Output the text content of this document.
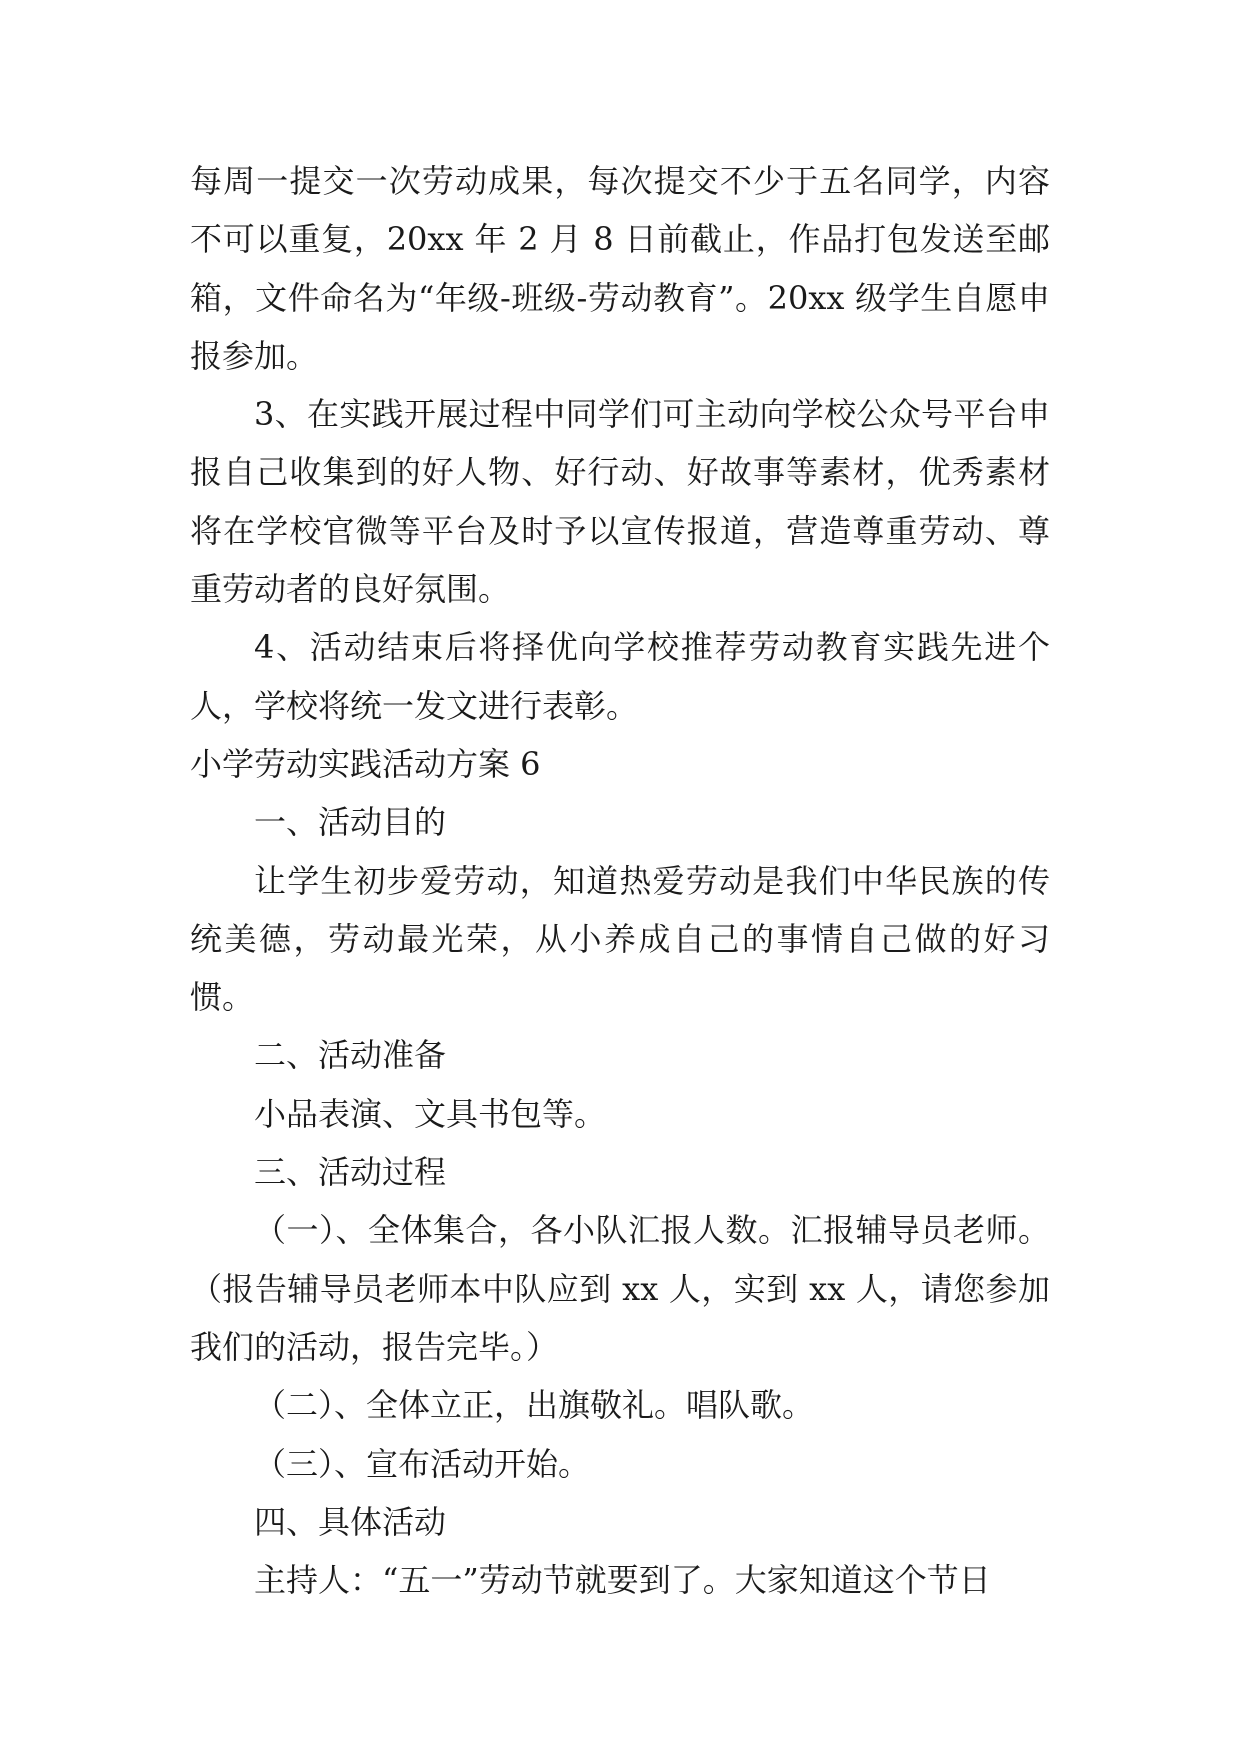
每周一提交一次劳动成果，每次提交不少于五名同学，内容不可以重复，20xx 年 2 月 8 日前截止，作品打包发送至邮箱，文件命名为“年级-班级-劳动教育”。20xx 级学生自愿申报参加。

3、在实践开展过程中同学们可主动向学校公众号平台申报自己收集到的好人物、好行动、好故事等素材，优秀素材将在学校官微等平台及时予以宣传报道，营造尊重劳动、尊重劳动者的良好氛围。

4、活动结束后将择优向学校推荐劳动教育实践先进个人，学校将统一发文进行表彰。

小学劳动实践活动方案 6

一、活动目的

让学生初步爱劳动，知道热爱劳动是我们中华民族的传统美德，劳动最光荣，从小养成自己的事情自己做的好习惯。

二、活动准备

小品表演、文具书包等。

三、活动过程

（一）、全体集合，各小队汇报人数。汇报辅导员老师。（报告辅导员老师本中队应到 xx 人，实到 xx 人，请您参加我们的活动，报告完毕。）

（二）、全体立正，出旗敬礼。唱队歌。

（三）、宣布活动开始。

四、具体活动

主持人：“五一”劳动节就要到了。大家知道这个节日
